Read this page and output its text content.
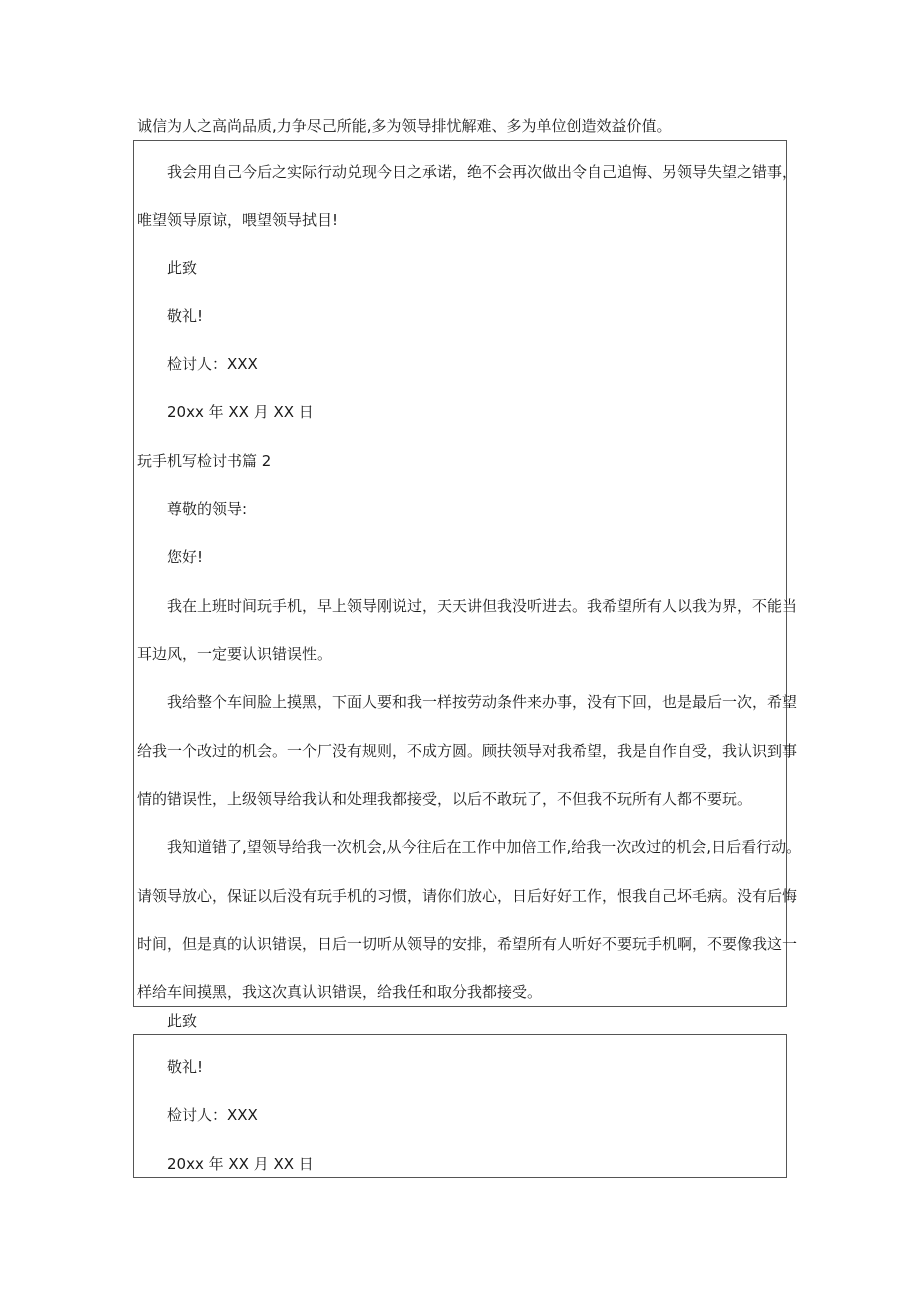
诚信为人之高尚品质,力争尽己所能,多为领导排忧解难、多为单位创造效益价值。
我会用自己今后之实际行动兑现今日之承诺，绝不会再次做出令自己追悔、另领导失望之错事，
唯望领导原谅，喂望领导拭目!
此致
敬礼!
检讨人：XXX
20xx 年 XX 月 XX 日
玩手机写检讨书篇 2
尊敬的领导:
您好!
我在上班时间玩手机，早上领导刚说过，天天讲但我没听进去。我希望所有人以我为界，不能当
耳边风，一定要认识错误性。
我给整个车间脸上摸黑，下面人要和我一样按劳动条件来办事，没有下回，也是最后一次，希望
给我一个改过的机会。一个厂没有规则，不成方圆。顾扶领导对我希望，我是自作自受，我认识到事
情的错误性，上级领导给我认和处理我都接受，以后不敢玩了，不但我不玩所有人都不要玩。
我知道错了,望领导给我一次机会,从今往后在工作中加倍工作,给我一次改过的机会,日后看行动。
请领导放心，保证以后没有玩手机的习惯，请你们放心，日后好好工作，恨我自己坏毛病。没有后悔
时间，但是真的认识错误，日后一切听从领导的安排，希望所有人听好不要玩手机啊，不要像我这一
样给车间摸黑，我这次真认识错误，给我任和取分我都接受。
此致
敬礼!
检讨人：XXX
20xx 年 XX 月 XX 日
